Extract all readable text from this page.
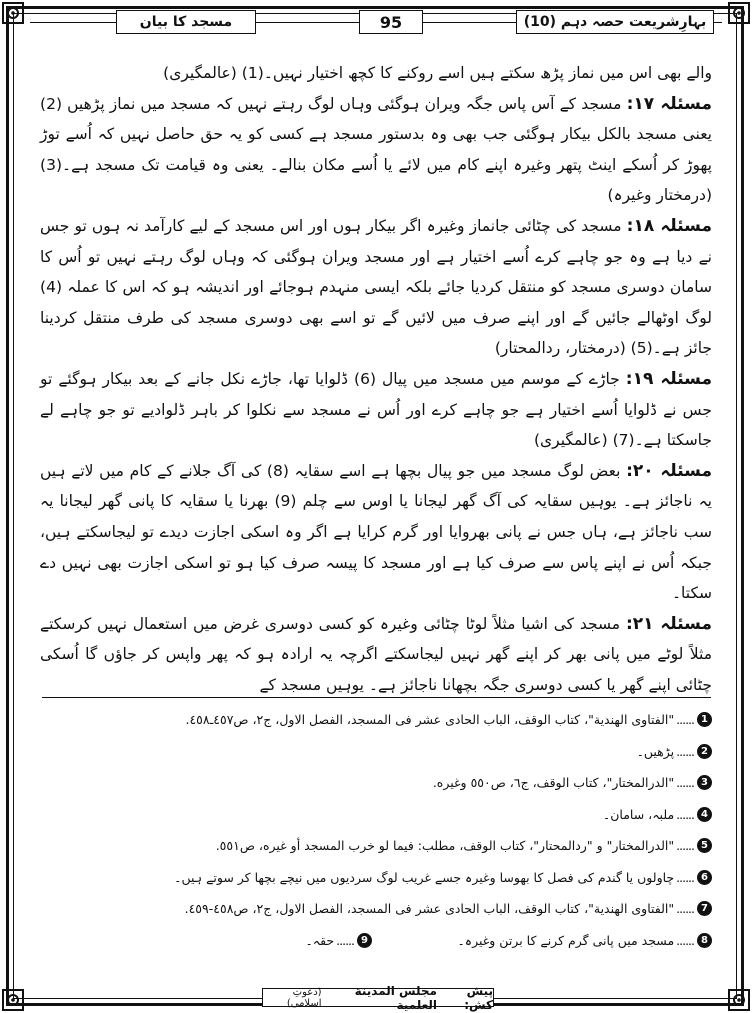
مسجد کا بیان	95	بہارِشریعت حصہ دہم (10)

والے بھی اس میں نماز پڑھ سکتے ہیں اسے روکنے کا کچھ اختیار نہیں۔(1) (عالمگیری)

مسئلہ ۱۷: مسجد کے آس پاس جگہ ویران ہوگئی وہاں لوگ رہتے نہیں کہ مسجد میں نماز پڑھیں (2) یعنی مسجد بالکل بیکار ہوگئی جب بھی وہ بدستور مسجد ہے کسی کو یہ حق حاصل نہیں کہ اُسے توڑ پھوڑ کر اُسکے اینٹ پتھر وغیرہ اپنے کام میں لائے یا اُسے مکان بنالے۔ یعنی وہ قیامت تک مسجد ہے۔(3) (درمختار وغیرہ)

مسئلہ ۱۸: مسجد کی چٹائی جانماز وغیرہ اگر بیکار ہوں اور اس مسجد کے لیے کارآمد نہ ہوں تو جس نے دیا ہے وہ جو چاہے کرے اُسے اختیار ہے اور مسجد ویران ہوگئی کہ وہاں لوگ رہتے نہیں تو اُس کا سامان دوسری مسجد کو منتقل کردیا جائے بلکہ ایسی منہدم ہوجائے اور اندیشہ ہو کہ اس کا عملہ (4) لوگ اوٹھالے جائیں گے اور اپنے صرف میں لائیں گے تو اسے بھی دوسری مسجد کی طرف منتقل کردینا جائز ہے۔(5) (درمختار، ردالمحتار)

مسئلہ ۱۹: جاڑے کے موسم میں مسجد میں پیال (6) ڈلوایا تھا، جاڑے نکل جانے کے بعد بیکار ہوگئے تو جس نے ڈلوایا اُسے اختیار ہے جو چاہے کرے اور اُس نے مسجد سے نکلوا کر باہر ڈلوادیے تو جو چاہے لے جاسکتا ہے۔(7) (عالمگیری)

مسئلہ ۲۰: بعض لوگ مسجد میں جو پیال بچھا ہے اسے سقایہ (8) کی آگ جلانے کے کام میں لاتے ہیں یہ ناجائز ہے۔ یوہیں سقایہ کی آگ گھر لیجانا یا اوس سے چلم (9) بھرنا یا سقایہ کا پانی گھر لیجانا یہ سب ناجائز ہے، ہاں جس نے پانی بھروایا اور گرم کرایا ہے اگر وہ اسکی اجازت دیدے تو لیجاسکتے ہیں، جبکہ اُس نے اپنے پاس سے صرف کیا ہے اور مسجد کا پیسہ صرف کیا ہو تو اسکی اجازت بھی نہیں دے سکتا۔

مسئلہ ۲۱: مسجد کی اشیا مثلاً لوٹا چٹائی وغیرہ کو کسی دوسری غرض میں استعمال نہیں کرسکتے مثلاً لوٹے میں پانی بھر کر اپنے گھر نہیں لیجاسکتے اگرچہ یہ ارادہ ہو کہ پھر واپس کر جاؤں گا اُسکی چٹائی اپنے گھر یا کسی دوسری جگہ بچھانا ناجائز ہے۔ یوہیں مسجد کے

1
......
"الفتاوى الهندية"، كتاب الوقف، الباب الحادى عشر فى المسجد، الفصل الاول، ج٢، ص٤٥٧ـ٤٥٨.
2
......
پڑھیں۔
3
......
"الدرالمختار"، كتاب الوقف، ج٦، ص٥٥٠ وغيره.
4
......
ملبہ، سامان۔
5
......
"الدرالمختار" و "ردالمحتار"، كتاب الوقف، مطلب: فيما لو خرب المسجد أو غيره، ص٥٥١.
6
......
چاولوں یا گندم کی فصل کا بھوسا وغیرہ جسے غریب لوگ سردیوں میں نیچے بچھا کر سوتے ہیں۔
7
......
"الفتاوى الهندية"، كتاب الوقف، الباب الحادى عشر فى المسجد، الفصل الاول، ج٢، ص٤٥٨-٤٥٩.
8
......
مسجد میں پانی گرم کرنے کا برتن وغیرہ۔
9
......
حقہ۔
پیش کش:
مجلس المدينة العلمية
(دعوتِ اسلامی)
